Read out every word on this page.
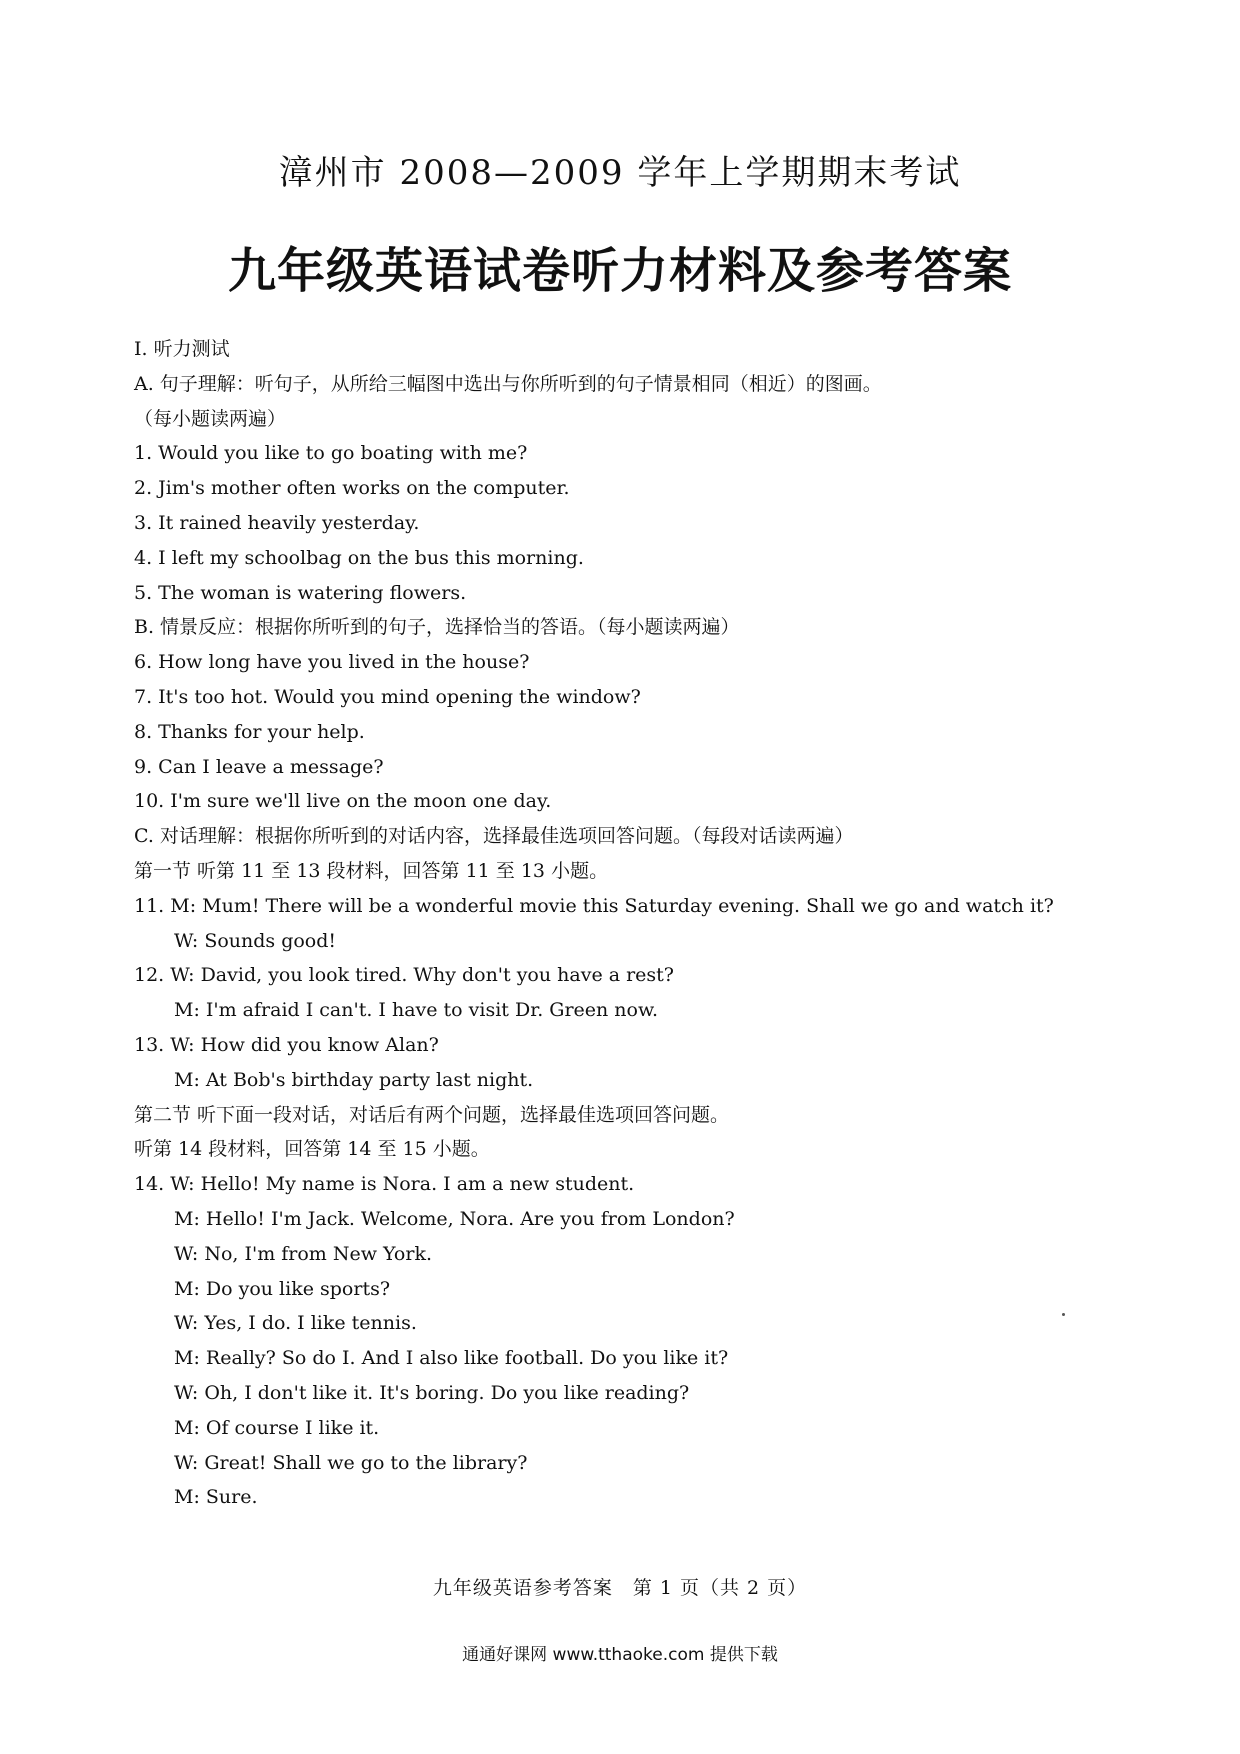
漳州市 2008—2009 学年上学期期末考试
九年级英语试卷听力材料及参考答案
I. 听力测试
A. 句子理解：听句子，从所给三幅图中选出与你所听到的句子情景相同（相近）的图画。
（每小题读两遍）
1. Would you like to go boating with me?
2. Jim's mother often works on the computer.
3. It rained heavily yesterday.
4. I left my schoolbag on the bus this morning.
5. The woman is watering flowers.
B. 情景反应：根据你所听到的句子，选择恰当的答语。（每小题读两遍）
6. How long have you lived in the house?
7. It's too hot. Would you mind opening the window?
8. Thanks for your help.
9. Can I leave a message?
10. I'm sure we'll live on the moon one day.
C. 对话理解：根据你所听到的对话内容，选择最佳选项回答问题。（每段对话读两遍）
第一节 听第 11 至 13 段材料，回答第 11 至 13 小题。
11. M: Mum! There will be a wonderful movie this Saturday evening. Shall we go and watch it?
W: Sounds good!
12. W: David, you look tired. Why don't you have a rest?
M: I'm afraid I can't. I have to visit Dr. Green now.
13. W: How did you know Alan?
M: At Bob's birthday party last night.
第二节 听下面一段对话，对话后有两个问题，选择最佳选项回答问题。
听第 14 段材料，回答第 14 至 15 小题。
14. W: Hello! My name is Nora. I am a new student.
M: Hello! I'm Jack. Welcome, Nora. Are you from London?
W: No, I'm from New York.
M: Do you like sports?
W: Yes, I do. I like tennis.
M: Really? So do I. And I also like football. Do you like it?
W: Oh, I don't like it. It's boring. Do you like reading?
M: Of course I like it.
W: Great! Shall we go to the library?
M: Sure.
九年级英语参考答案　第 1 页（共 2 页）
通通好课网 www.tthaoke.com 提供下载
